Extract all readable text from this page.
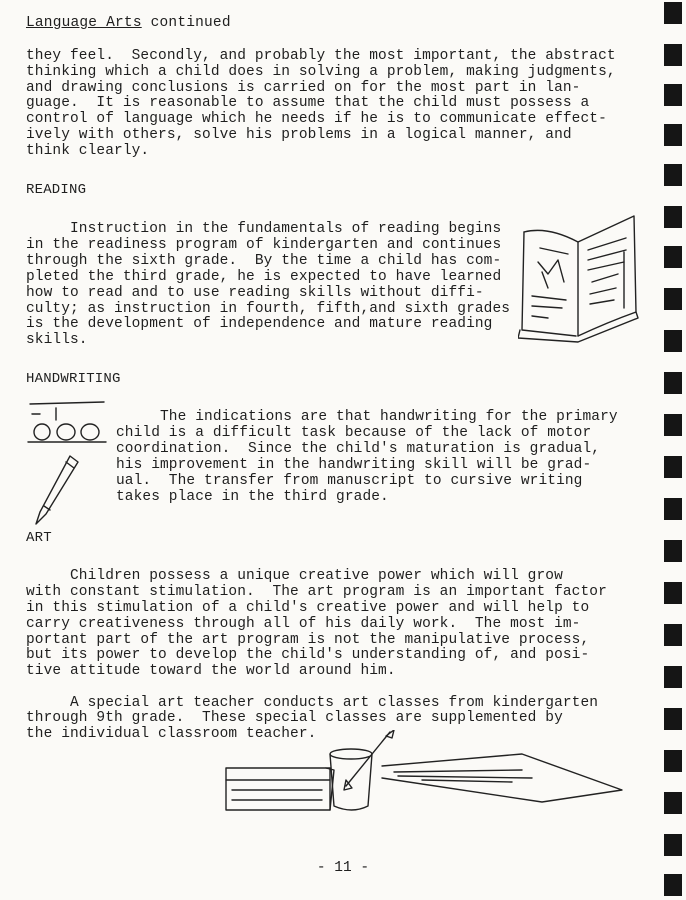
Language Arts continued

they feel.  Secondly, and probably the most important, the abstract

thinking which a child does in solving a problem, making judgments,

and drawing conclusions is carried on for the most part in lan-

guage.  It is reasonable to assume that the child must possess a

control of language which he needs if he is to communicate effect-

ively with others, solve his problems in a logical manner, and

think clearly.

READING

Instruction in the fundamentals of reading begins

in the readiness program of kindergarten and continues

through the sixth grade.  By the time a child has com-

pleted the third grade, he is expected to have learned

how to read and to use reading skills without diffi-

culty; as instruction in fourth, fifth,and sixth grades

is the development of independence and mature reading

skills.

HANDWRITING

The indications are that handwriting for the primary

child is a difficult task because of the lack of motor

coordination.  Since the child's maturation is gradual,

his improvement in the handwriting skill will be grad-

ual.  The transfer from manuscript to cursive writing

takes place in the third grade.

ART

Children possess a unique creative power which will grow

with constant stimulation.  The art program is an important factor

in this stimulation of a child's creative power and will help to

carry creativeness through all of his daily work.  The most im-

portant part of the art program is not the manipulative process,

but its power to develop the child's understanding of, and posi-

tive attitude toward the world around him.

A special art teacher conducts art classes from kindergarten

through 9th grade.  These special classes are supplemented by

the individual classroom teacher.

- 11 -
